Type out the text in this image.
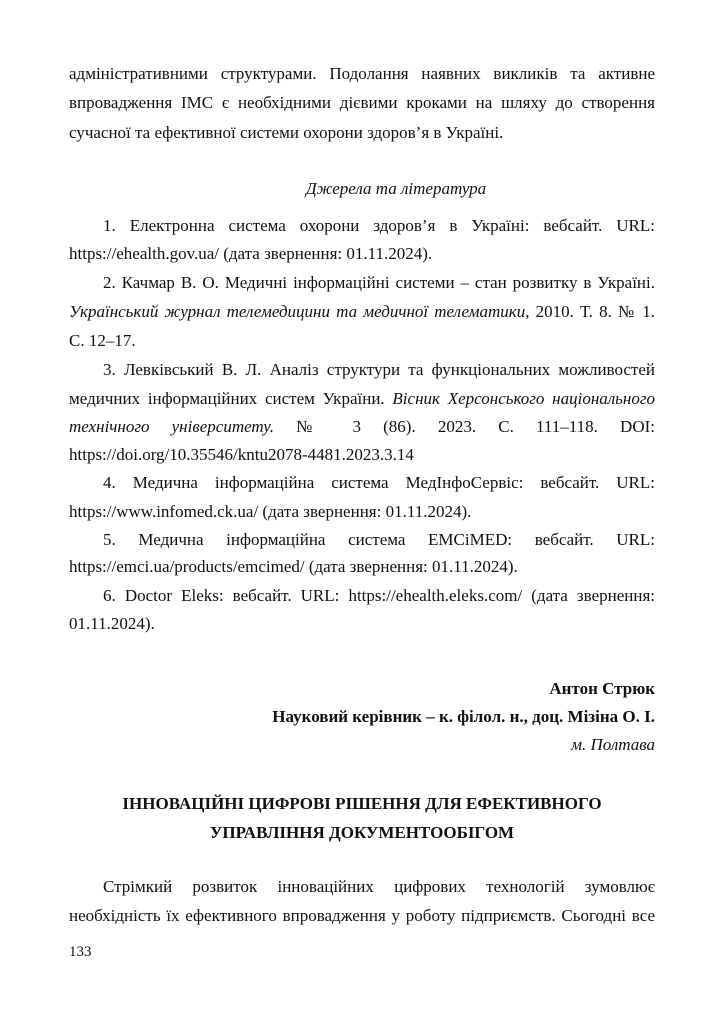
адміністративними структурами. Подолання наявних викликів та активне
впровадження ІМС є необхідними дієвими кроками на шляху до створення
сучасної та ефективної системи охорони здоров’я в Україні.
Джерела та література
1. Електронна система охорони здоров’я в Україні: вебсайт. URL:
https://ehealth.gov.ua/ (дата звернення: 01.11.2024).
2. Качмар В. О. Медичні інформаційні системи – стан розвитку в Україні.
Український журнал телемедицини та медичної телематики, 2010. Т. 8. № 1.
С. 12–17.
3. Левківський В. Л. Аналіз структури та функціональних можливостей
медичних інформаційних систем України. Вісник Херсонського національного
технічного університету. № 3 (86). 2023. С. 111–118. DOI:
https://doi.org/10.35546/kntu2078-4481.2023.3.14
4. Медична інформаційна система МедІнфоСервіс: вебсайт. URL:
https://www.infomed.ck.ua/ (дата звернення: 01.11.2024).
5. Медична інформаційна система EMCiMED: вебсайт. URL:
https://emci.ua/products/emcimed/ (дата звернення: 01.11.2024).
6. Doctor Eleks: вебсайт. URL: https://ehealth.eleks.com/ (дата звернення:
01.11.2024).
Антон Стрюк
Науковий керівник – к. філол. н., доц. Мізіна О. І.
м. Полтава
ІННОВАЦІЙНІ ЦИФРОВІ РІШЕННЯ ДЛЯ ЕФЕКТИВНОГО
УПРАВЛІННЯ ДОКУМЕНТООБІГОМ
Стрімкий розвиток інноваційних цифрових технологій зумовлює
необхідність їх ефективного впровадження у роботу підприємств. Сьогодні все
133
